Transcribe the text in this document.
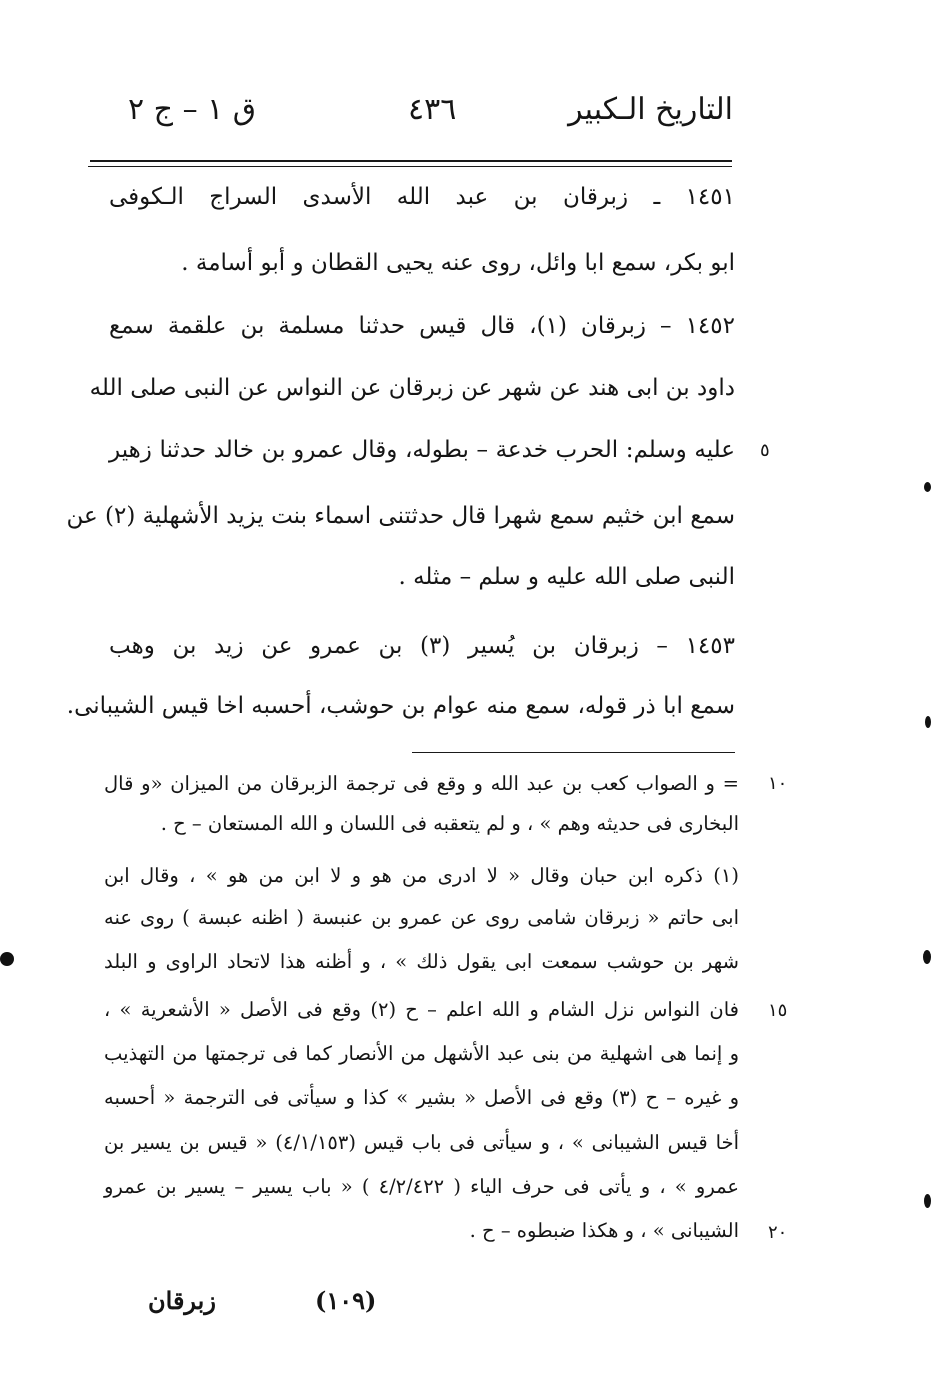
التاريخ الـكبير
٤٣٦
ق ١ – ج ٢
١٤٥١ ـ زبرقان بن عبد الله الأسدى السراج الـكوفى
ابو بكر، سمع ابا وائل، روى عنه يحيى القطان و أبو أسامة .
١٤٥٢ – زبرقان (١)، قال قيس حدثنا مسلمة بن علقمة سمع
داود بن ابى هند عن شهر عن زبرقان عن النواس عن النبى صلى الله
عليه وسلم: الحرب خدعة – بطوله، وقال عمرو بن خالد حدثنا زهير
سمع ابن خثيم سمع شهرا قال حدثتنى اسماء بنت يزيد الأشهلية (٢) عن
النبى صلى الله عليه و سلم – مثله .
١٤٥٣ – زبرقان بن يُسير (٣) بن عمرو عن زيد بن وهب
سمع ابا ذر قوله، سمع منه عوام بن حوشب، أحسبه اخا قيس الشيبانى.
٥
= و الصواب كعب بن عبد الله و وقع فى ترجمة الزبرقان من الميزان «و قال
البخارى فى حديثه وهم » ، و لم يتعقبه فى اللسان و الله المستعان – ح .
(١) ذكره ابن حبان وقال « لا ادرى من هو و لا ابن من هو » ، وقال ابن
ابى حاتم « زبرقان شامى روى عن عمرو بن عنبسة ( اظنه عبسة ) روى عنه
شهر بن حوشب سمعت ابى يقول ذلك » ، و أظنه هذا لاتحاد الراوى و البلد
فان النواس نزل الشام و الله اعلم – ح (٢) وقع فى الأصل « الأشعرية » ،
و إنما هى اشهلية من بنى عبد الأشهل من الأنصار كما فى ترجمتها من التهذيب
و غيره – ح (٣) وقع فى الأصل « بشير » كذا و سيأتى فى الترجمة « أحسبه
أخا قيس الشيبانى » ، و سيأتى فى باب قيس (٤/١/١٥٣) « قيس بن يسير بن
عمرو » ، و يأتى فى حرف الياء ( ٤/٢/٤٢٢ ) « باب يسير – يسير بن عمرو
الشيبانى » ، و هكذا ضبطوه – ح .
١٠
١٥
٢٠
زبرقان	(١٠٩)
